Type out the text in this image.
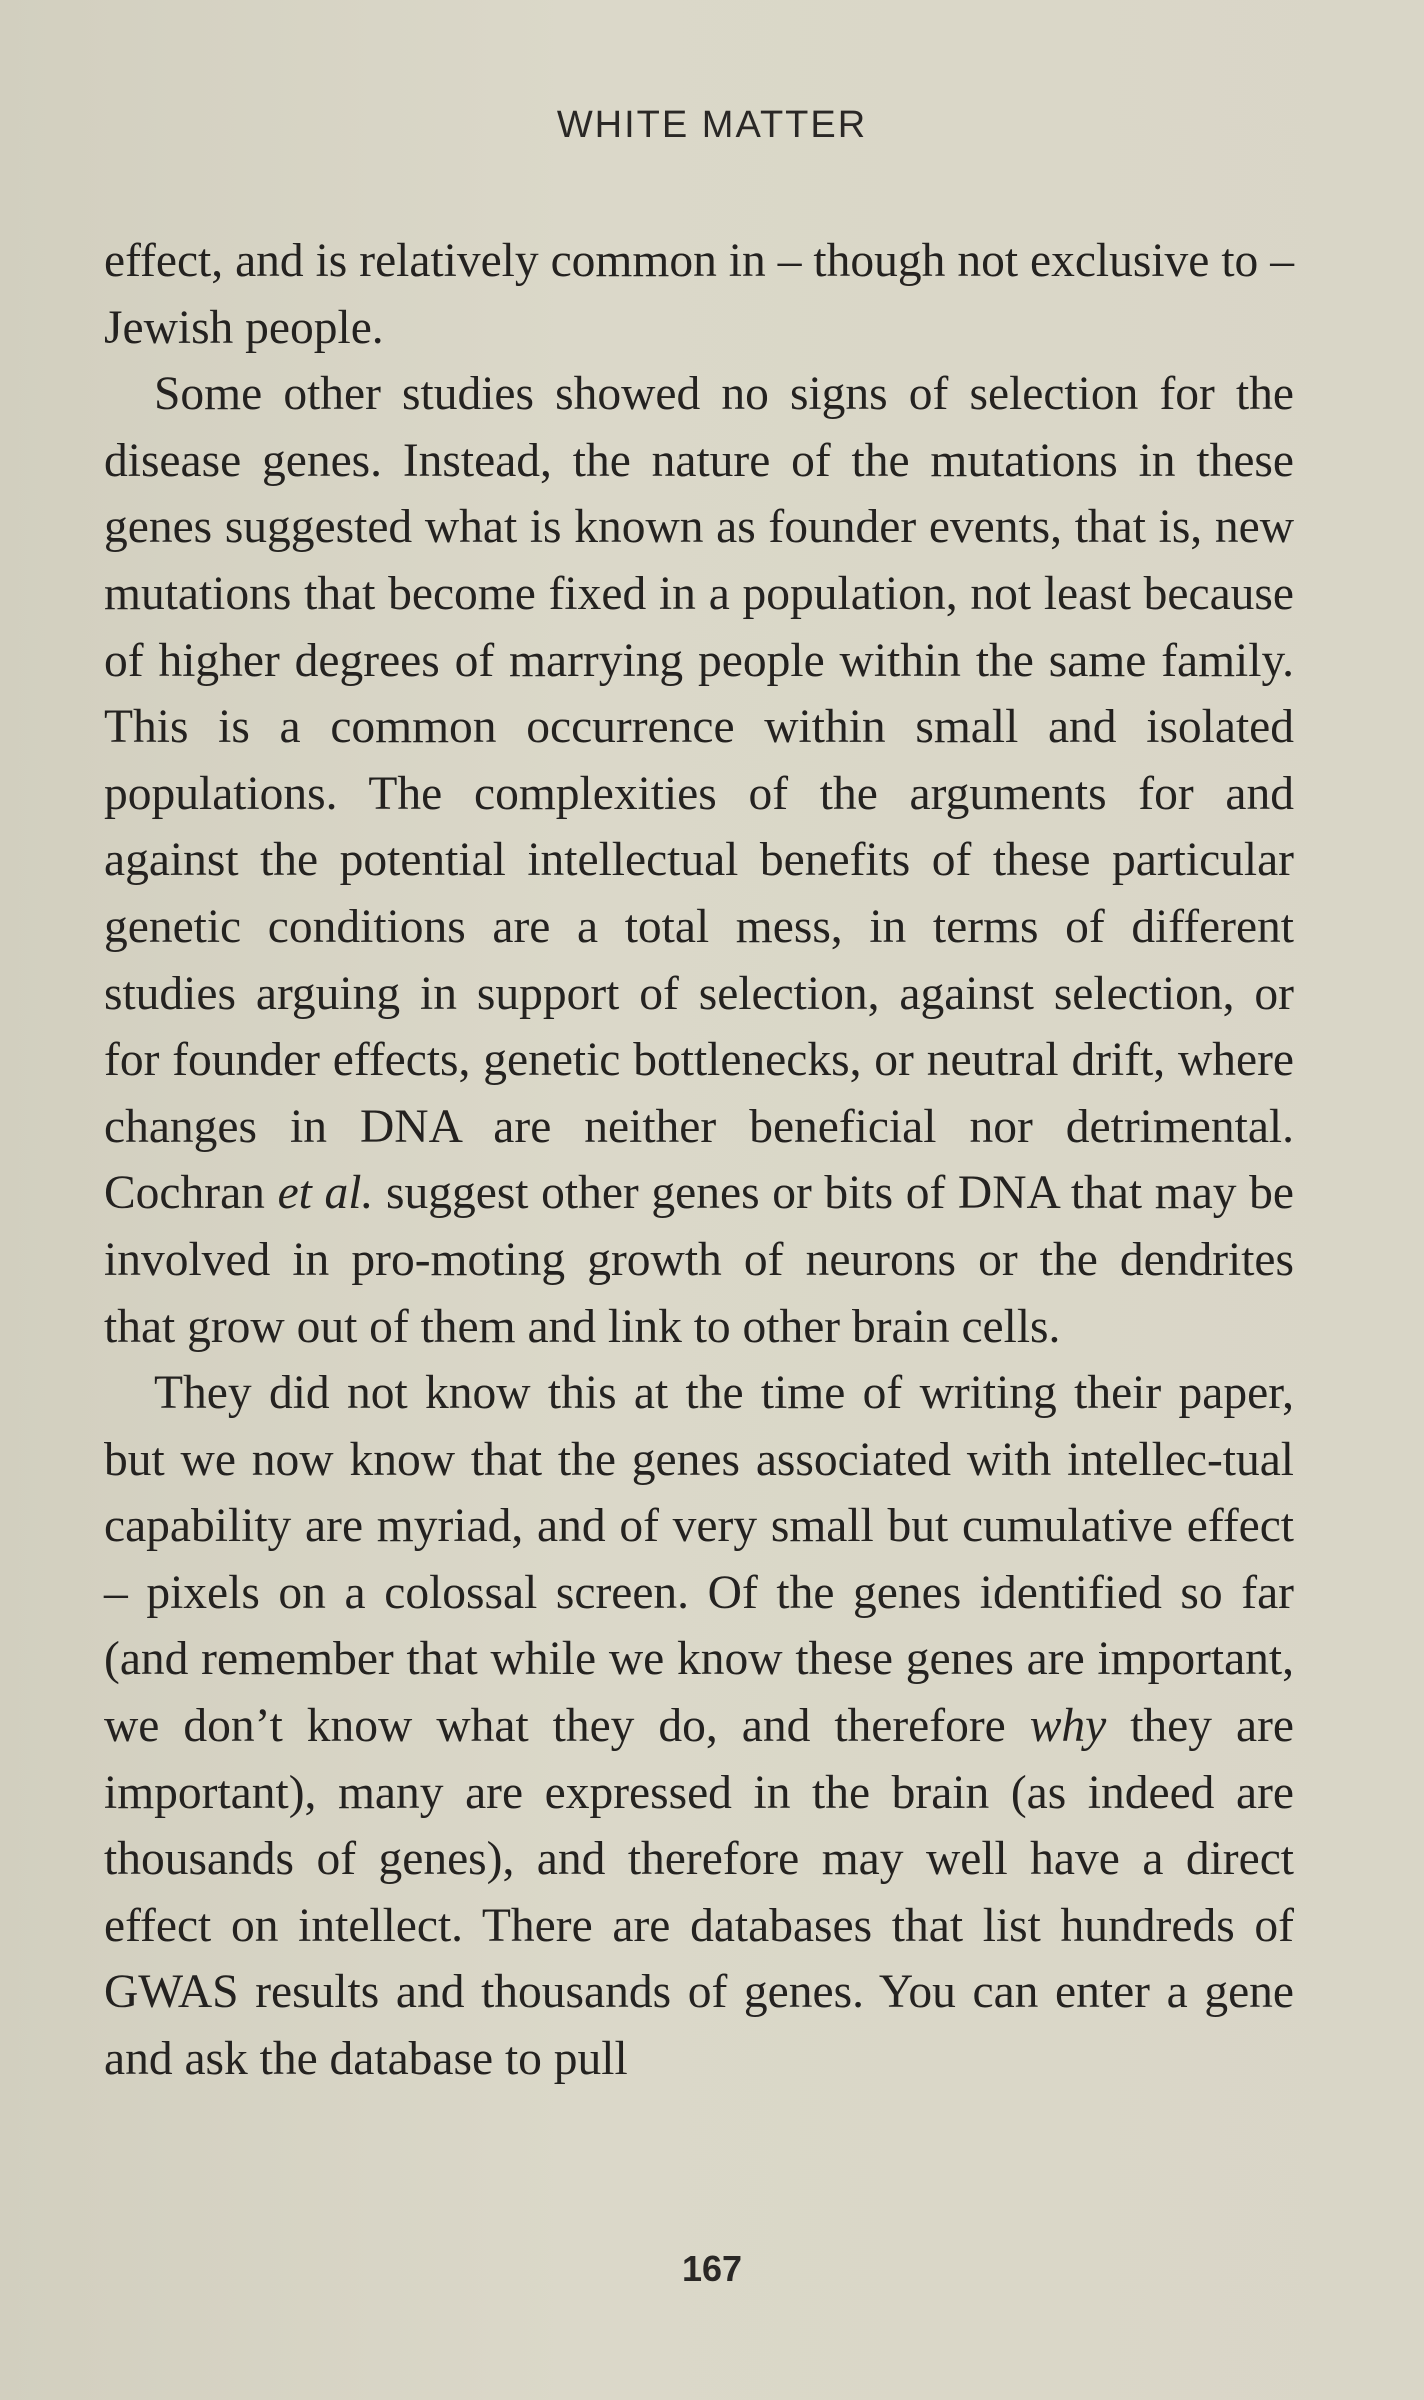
WHITE MATTER

effect, and is relatively common in – though not exclusive to – Jewish people.

Some other studies showed no signs of selection for the disease genes. Instead, the nature of the mutations in these genes suggested what is known as founder events, that is, new mutations that become fixed in a population, not least because of higher degrees of marrying people within the same family. This is a common occurrence within small and isolated populations. The complexities of the arguments for and against the potential intellectual benefits of these particular genetic conditions are a total mess, in terms of different studies arguing in support of selection, against selection, or for founder effects, genetic bottlenecks, or neutral drift, where changes in DNA are neither beneficial nor detrimental. Cochran et al. suggest other genes or bits of DNA that may be involved in pro-moting growth of neurons or the dendrites that grow out of them and link to other brain cells.

They did not know this at the time of writing their paper, but we now know that the genes associated with intellec-tual capability are myriad, and of very small but cumulative effect – pixels on a colossal screen. Of the genes identified so far (and remember that while we know these genes are important, we don’t know what they do, and therefore why they are important), many are expressed in the brain (as indeed are thousands of genes), and therefore may well have a direct effect on intellect. There are databases that list hundreds of GWAS results and thousands of genes. You can enter a gene and ask the database to pull

167
